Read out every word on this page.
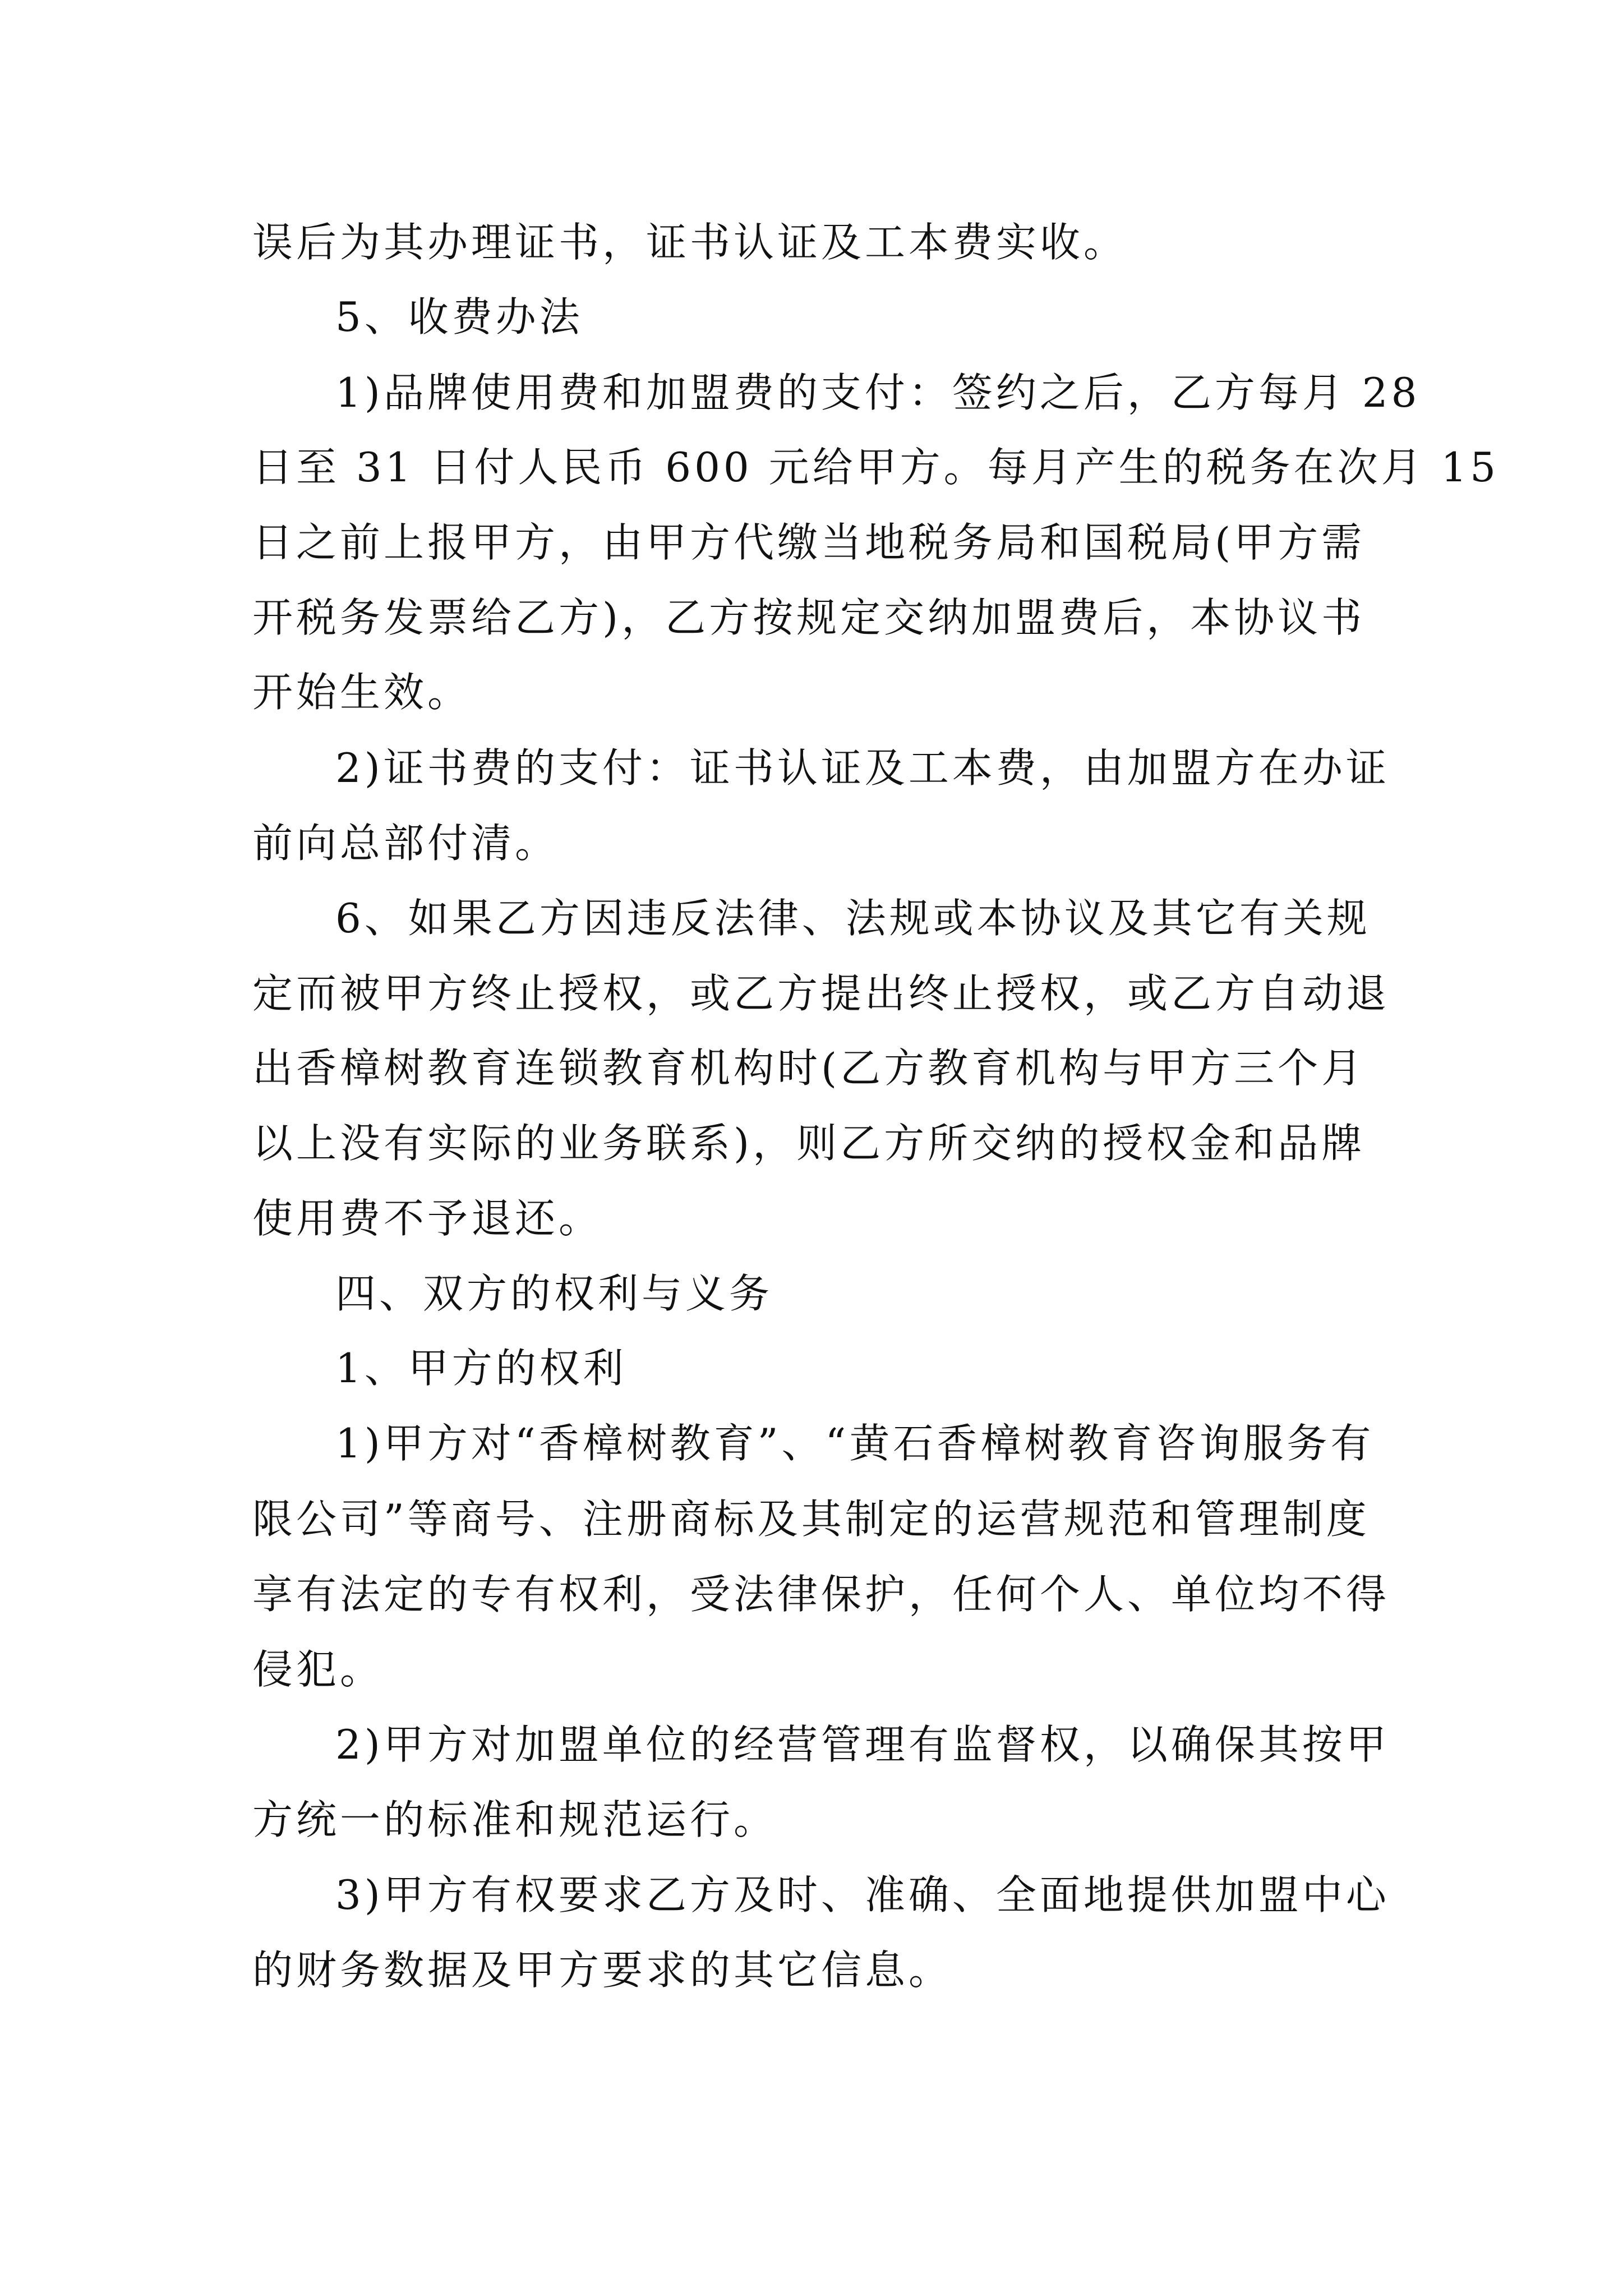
误后为其办理证书，证书认证及工本费实收。
5、收费办法
1)品牌使用费和加盟费的支付：签约之后，乙方每月 28
日至 31 日付人民币 600 元给甲方。每月产生的税务在次月 15
日之前上报甲方，由甲方代缴当地税务局和国税局(甲方需
开税务发票给乙方)，乙方按规定交纳加盟费后，本协议书
开始生效。
2)证书费的支付：证书认证及工本费，由加盟方在办证
前向总部付清。
6、如果乙方因违反法律、法规或本协议及其它有关规
定而被甲方终止授权，或乙方提出终止授权，或乙方自动退
出香樟树教育连锁教育机构时(乙方教育机构与甲方三个月
以上没有实际的业务联系)，则乙方所交纳的授权金和品牌
使用费不予退还。
四、双方的权利与义务
1、甲方的权利
1)甲方对“香樟树教育”、“黄石香樟树教育咨询服务有
限公司”等商号、注册商标及其制定的运营规范和管理制度
享有法定的专有权利，受法律保护，任何个人、单位均不得
侵犯。
2)甲方对加盟单位的经营管理有监督权，以确保其按甲
方统一的标准和规范运行。
3)甲方有权要求乙方及时、准确、全面地提供加盟中心
的财务数据及甲方要求的其它信息。
